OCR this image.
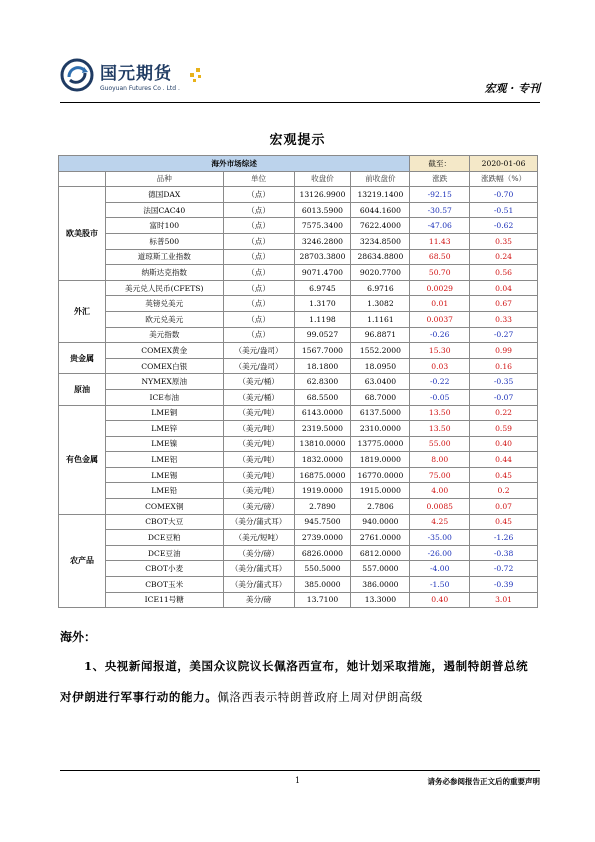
国元期货
Guoyuan Futures Co . Ltd .	宏观 · 专刊
宏观提示
海外市场综述					截至：	2020-01-06
	品种	单位	收盘价	前收盘价	涨跌	涨跌幅（%）
欧美股市	德国DAX	（点）	13126.9900	13219.1400	-92.15	-0.70
	法国CAC40	（点）	6013.5900	6044.1600	-30.57	-0.51
	富时100	（点）	7575.3400	7622.4000	-47.06	-0.62
	标普500	（点）	3246.2800	3234.8500	11.43	0.35
	道琼斯工业指数	（点）	28703.3800	28634.8800	68.50	0.24
	纳斯达克指数	（点）	9071.4700	9020.7700	50.70	0.56
外汇	美元兑人民币(CFETS)	（点）	6.9745	6.9716	0.0029	0.04
	英镑兑美元	（点）	1.3170	1.3082	0.01	0.67
	欧元兑美元	（点）	1.1198	1.1161	0.0037	0.33
	美元指数	（点）	99.0527	96.8871	-0.26	-0.27
贵金属	COMEX黄金	（美元/盎司）	1567.7000	1552.2000	15.30	0.99
	COMEX白银	（美元/盎司）	18.1800	18.0950	0.03	0.16
原油	NYMEX原油	（美元/桶）	62.8300	63.0400	-0.22	-0.35
	ICE布油	（美元/桶）	68.5500	68.7000	-0.05	-0.07
有色金属	LME铜	（美元/吨）	6143.0000	6137.5000	13.50	0.22
	LME锌	（美元/吨）	2319.5000	2310.0000	13.50	0.59
	LME镍	（美元/吨）	13810.0000	13775.0000	55.00	0.40
	LME铝	（美元/吨）	1832.0000	1819.0000	8.00	0.44
	LME锡	（美元/吨）	16875.0000	16770.0000	75.00	0.45
	LME铅	（美元/吨）	1919.0000	1915.0000	4.00	0.2
	COMEX铜	（美元/磅）	2.7890	2.7806	0.0085	0.07
农产品	CBOT大豆	（美分/蒲式耳）	945.7500	940.0000	4.25	0.45
	DCE豆粕	（美元/短吨）	2739.0000	2761.0000	-35.00	-1.26
	DCE豆油	（美分/磅）	6826.0000	6812.0000	-26.00	-0.38
	CBOT小麦	（美分/蒲式耳）	550.5000	557.0000	-4.00	-0.72
	CBOT玉米	（美分/蒲式耳）	385.0000	386.0000	-1.50	-0.39
	ICE11号糖	美分/磅	13.7100	13.3000	0.40	3.01
海外：
1、央视新闻报道，美国众议院议长佩洛西宣布，她计划采取措施，遏制特朗普总统对伊朗进行军事行动的能力。佩洛西表示特朗普政府上周对伊朗高级
1	请务必参阅报告正文后的重要声明
